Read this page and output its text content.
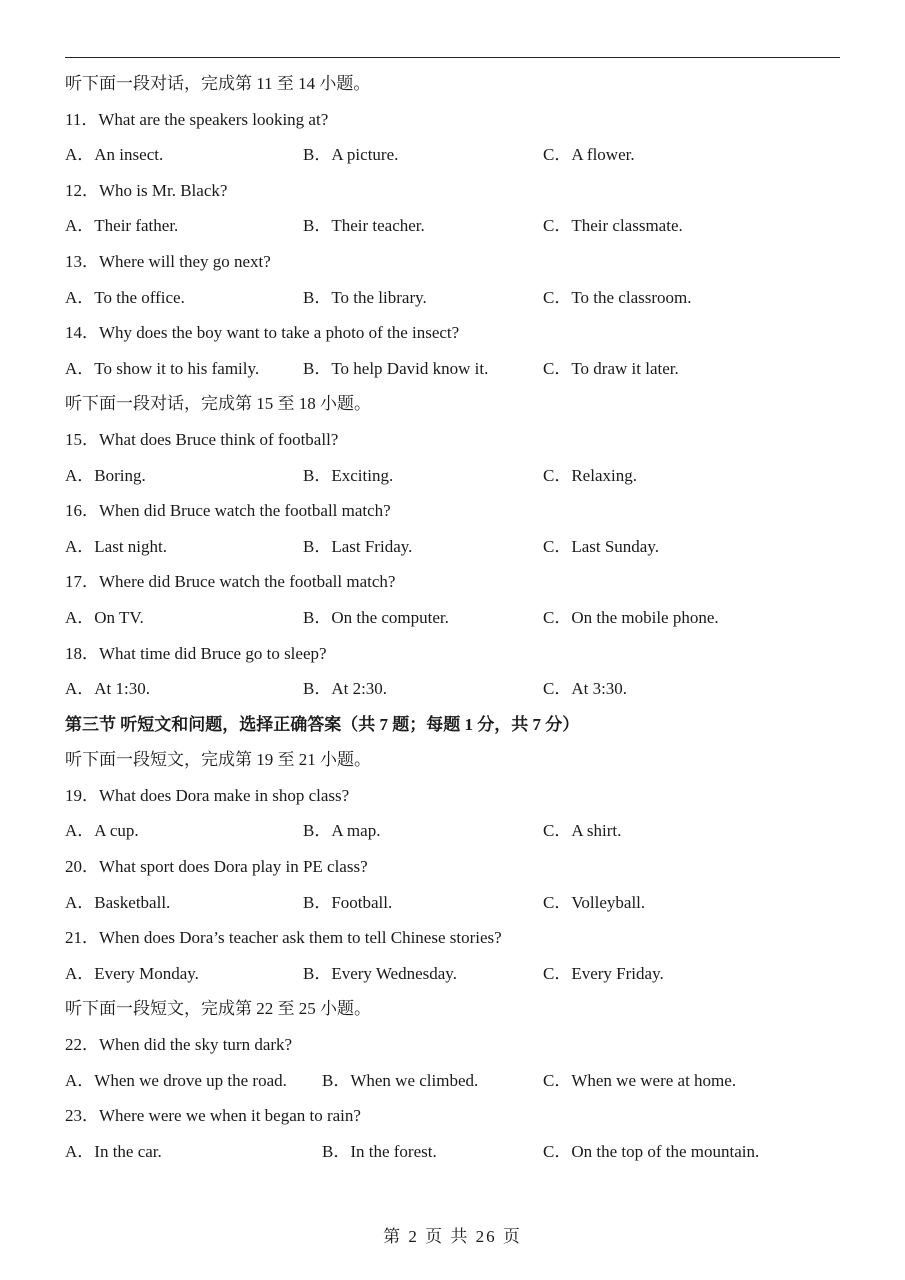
听下面一段对话，完成第 11 至 14 小题。
11．What are the speakers looking at?
A．An insect.	B．A picture.	C．A flower.
12．Who is Mr. Black?
A．Their father.	B．Their teacher.	C．Their classmate.
13．Where will they go next?
A．To the office.	B．To the library.	C．To the classroom.
14．Why does the boy want to take a photo of the insect?
A．To show it to his family.	B．To help David know it.	C．To draw it later.
听下面一段对话，完成第 15 至 18 小题。
15．What does Bruce think of football?
A．Boring.	B．Exciting.	C．Relaxing.
16．When did Bruce watch the football match?
A．Last night.	B．Last Friday.	C．Last Sunday.
17．Where did Bruce watch the football match?
A．On TV.	B．On the computer.	C．On the mobile phone.
18．What time did Bruce go to sleep?
A．At 1:30.	B．At 2:30.	C．At 3:30.
第三节 听短文和问题，选择正确答案（共 7 题；每题 1 分，共 7 分）
听下面一段短文，完成第 19 至 21 小题。
19．What does Dora make in shop class?
A．A cup.	B．A map.	C．A shirt.
20．What sport does Dora play in PE class?
A．Basketball.	B．Football.	C．Volleyball.
21．When does Dora’s teacher ask them to tell Chinese stories?
A．Every Monday.	B．Every Wednesday.	C．Every Friday.
听下面一段短文，完成第 22 至 25 小题。
22．When did the sky turn dark?
A．When we drove up the road. B．When we climbed.	C．When we were at home.
23．Where were we when it began to rain?
A．In the car.	B．In the forest.	C．On the top of the mountain.
第 2 页 共 26 页
